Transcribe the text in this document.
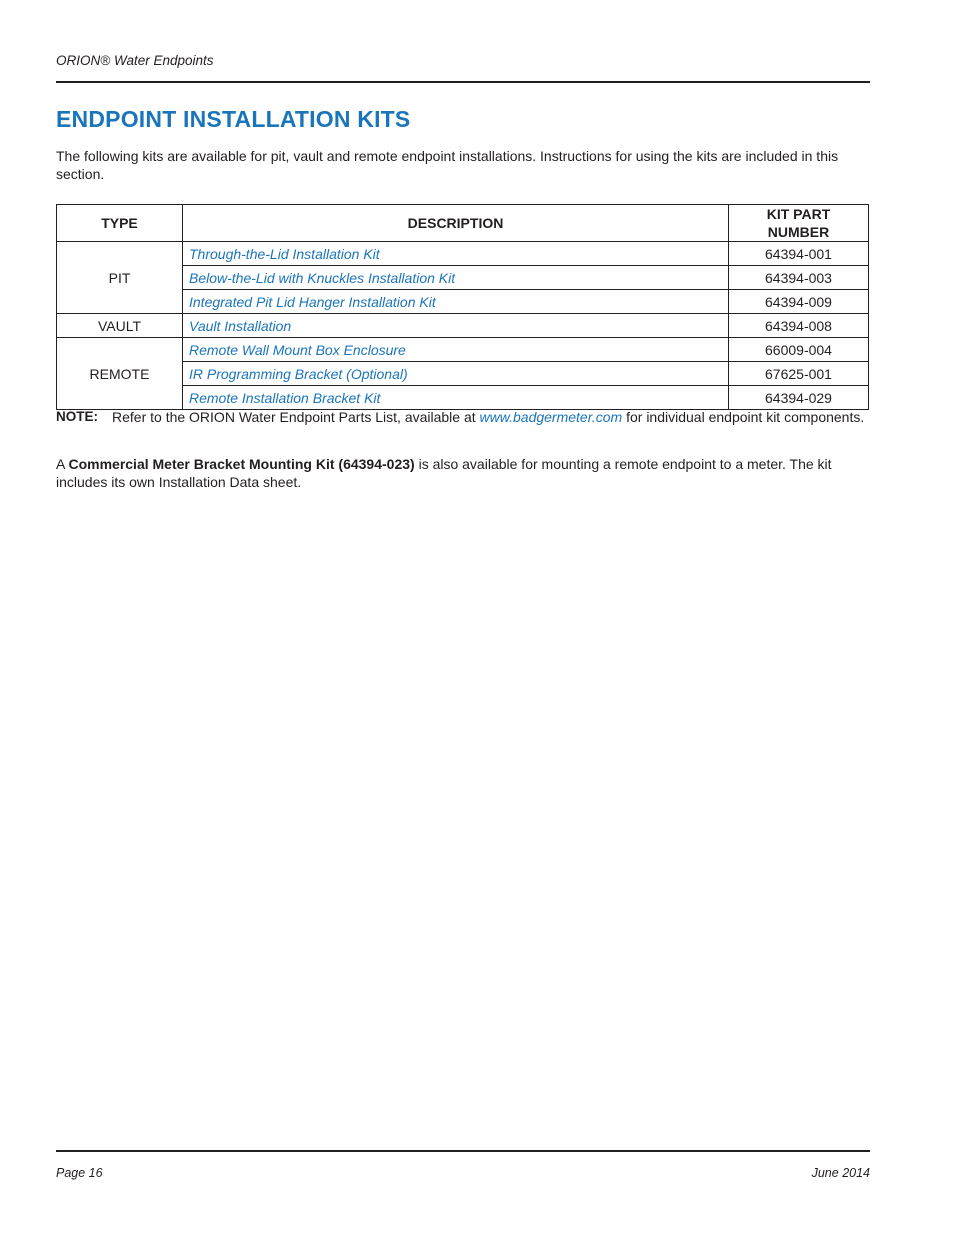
ORION® Water Endpoints
ENDPOINT INSTALLATION KITS

The following kits are available for pit, vault and remote endpoint installations. Instructions for using the kits are included in this section.

TYPE	DESCRIPTION	KIT PART NUMBER
PIT	Through-the-Lid Installation Kit	64394-001
	Below-the-Lid with Knuckles Installation Kit	64394-003
	Integrated Pit Lid Hanger Installation Kit	64394-009
VAULT	Vault Installation	64394-008
REMOTE	Remote Wall Mount Box Enclosure	66009-004
	IR Programming Bracket (Optional)	67625-001
	Remote Installation Bracket Kit	64394-029
NOTE: Refer to the ORION Water Endpoint Parts List, available at www.badgermeter.com for individual endpoint kit components.

A Commercial Meter Bracket Mounting Kit (64394-023) is also available for mounting a remote endpoint to a meter. The kit includes its own Installation Data sheet.

Page 16	June 2014
